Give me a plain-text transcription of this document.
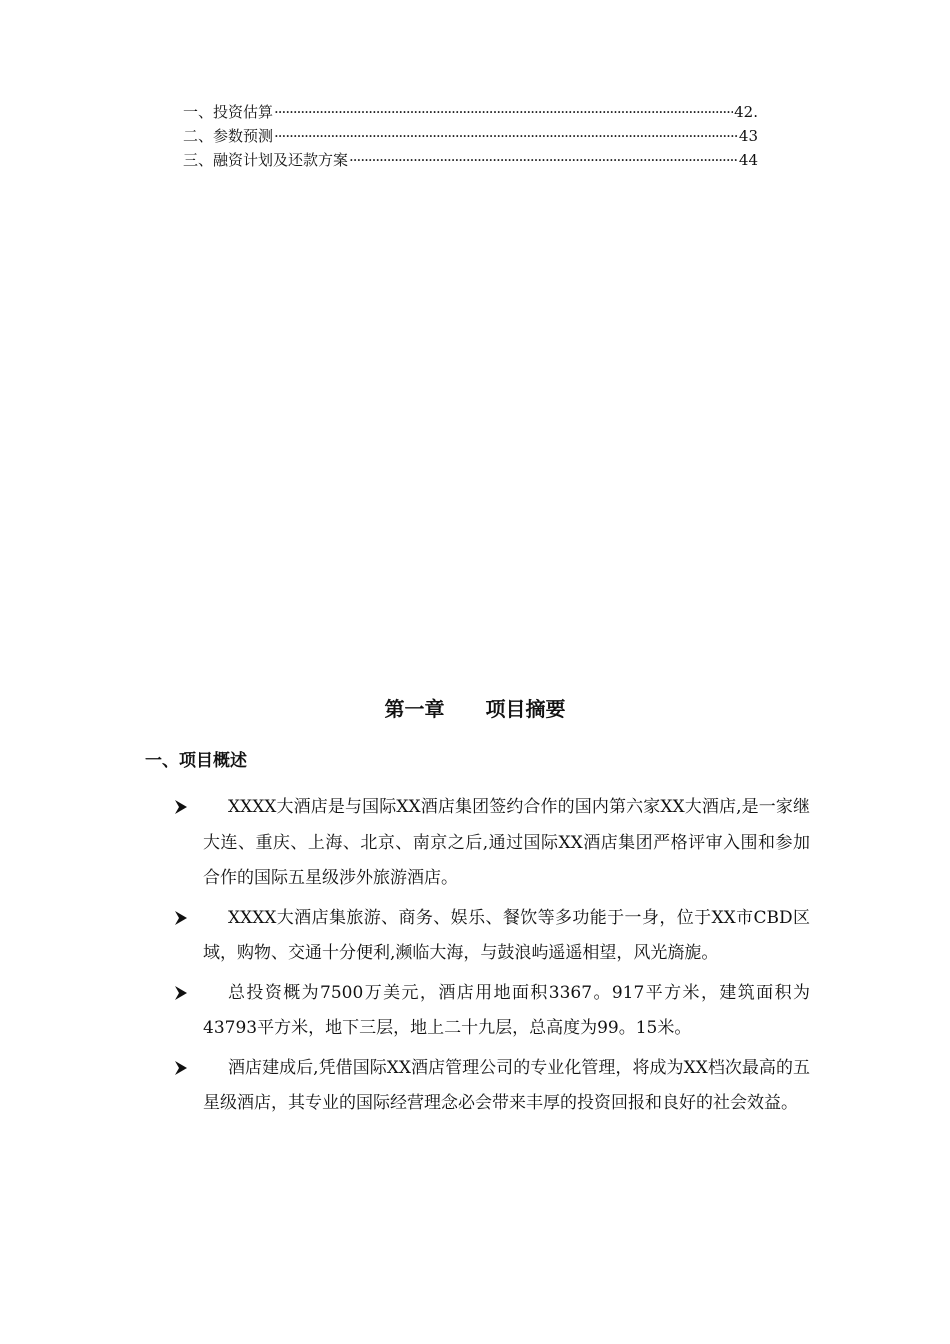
一、投资估算 ·····	42.
二、参数预测 ·····	43
三、融资计划及还款方案 ·····	44
第一章 项目摘要
一、项目概述
XXXX大酒店是与国际XX酒店集团签约合作的国内第六家XX大酒店,是一家继大连、重庆、上海、北京、南京之后,通过国际XX酒店集团严格评审入围和参加合作的国际五星级涉外旅游酒店。
XXXX大酒店集旅游、商务、娱乐、餐饮等多功能于一身，位于XX市CBD区域，购物、交通十分便利,濒临大海，与鼓浪屿遥遥相望，风光旖旎。
总投资概为7500万美元，酒店用地面积3367。917平方米，建筑面积为43793平方米，地下三层，地上二十九层，总高度为99。15米。
酒店建成后,凭借国际XX酒店管理公司的专业化管理，将成为XX档次最高的五星级酒店，其专业的国际经营理念必会带来丰厚的投资回报和良好的社会效益。
